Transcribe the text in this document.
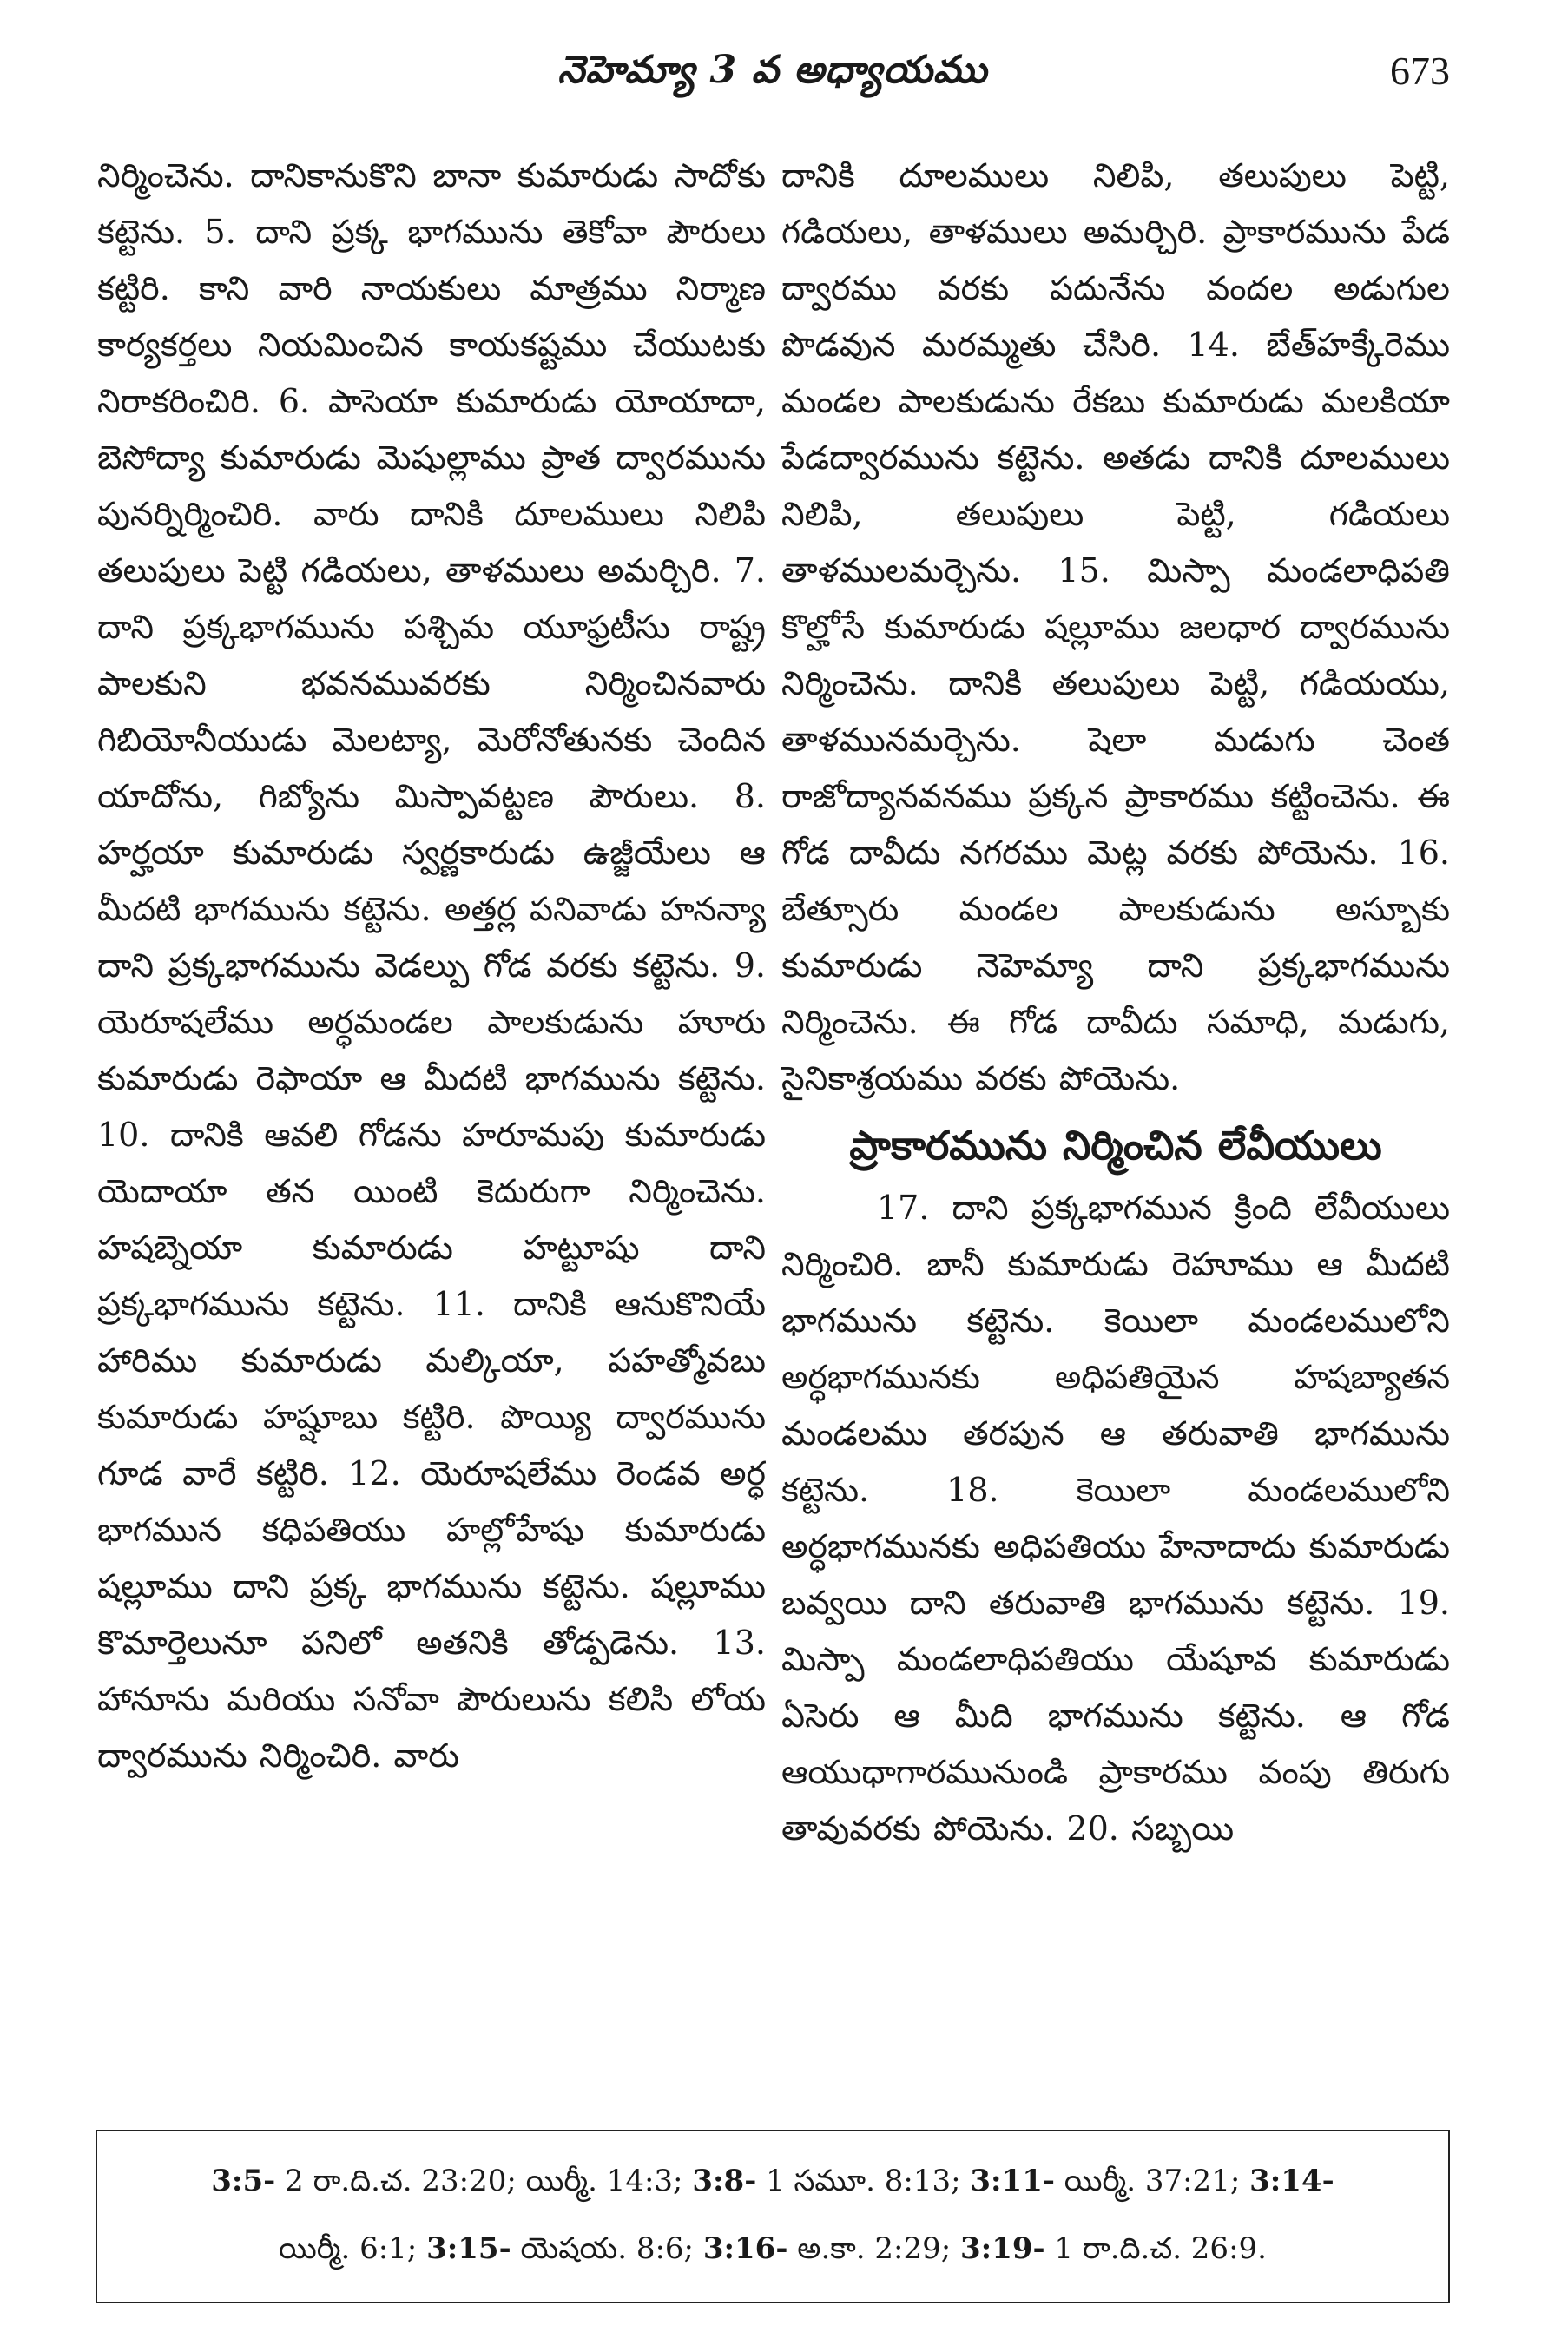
నెహెమ్యా 3 వ అధ్యాయము	673

నిర్మించెను. దానికానుకొని బానా కుమారుడు సాదోకు కట్టెను. 5. దాని ప్రక్క భాగమును తెకోవా పౌరులు కట్టిరి. కాని వారి నాయకులు మాత్రము నిర్మాణ కార్యకర్తలు నియమించిన కాయకష్టము చేయుటకు నిరాకరించిరి. 6. పాసెయా కుమారుడు యోయాదా, బెసోద్యా కుమారుడు మెషుల్లాము ప్రాత ద్వారమును పునర్నిర్మించిరి. వారు దానికి దూలములు నిలిపి తలుపులు పెట్టి గడియలు, తాళములు అమర్చిరి. 7. దాని ప్రక్కభాగమును పశ్చిమ యూఫ్రటీసు రాష్ట్ర పాలకుని భవనమువరకు నిర్మించినవారు గిబియోనీయుడు మెలట్యా, మెరోనోతునకు చెందిన యాదోను, గిబ్యోను మిస్పావట్టణ పౌరులు. 8. హర్హయా కుమారుడు స్వర్ణకారుడు ఉజ్జీయేలు ఆ మీదటి భాగమును కట్టెను. అత్తర్ల పనివాడు హనన్యా దాని ప్రక్కభాగమును వెడల్పు గోడ వరకు కట్టెను. 9. యెరూషలేము అర్ధమండల పాలకుడును హూరు కుమారుడు రెఫాయా ఆ మీదటి భాగమును కట్టెను. 10. దానికి ఆవలి గోడను హరూమపు కుమారుడు యెదాయా తన యింటి కెదురుగా నిర్మించెను. హషబ్నెయా కుమారుడు హట్టూషు దాని ప్రక్కభాగమును కట్టెను. 11. దానికి ఆనుకొనియే హారిము కుమారుడు మల్కియా, పహత్మోవబు కుమారుడు హష్షూబు కట్టిరి. పొయ్యి ద్వారమును గూడ వారే కట్టిరి. 12. యెరూషలేము రెండవ అర్ధ భాగమున కధిపతియు హల్లోహేషు కుమారుడు షల్లూము దాని ప్రక్క భాగమును కట్టెను. షల్లూము కొమార్తెలునూ పనిలో అతనికి తోడ్పడెను. 13. హానూను మరియు సనోవా పౌరులును కలిసి లోయ ద్వారమును నిర్మించిరి. వారు

దానికి దూలములు నిలిపి, తలుపులు పెట్టి, గడియలు, తాళములు అమర్చిరి. ప్రాకారమును పేడ ద్వారము వరకు పదునేను వందల అడుగుల పొడవున మరమ్మతు చేసిరి. 14. బేత్‌హక్కేరెము మండల పాలకుడును రేకబు కుమారుడు మలకియా పేడద్వారమును కట్టెను. అతడు దానికి దూలములు నిలిపి, తలుపులు పెట్టి, గడియలు తాళములమర్చెను. 15. మిస్పా మండలాధిపతి కొల్హోసే కుమారుడు షల్లూము జలధార ద్వారమును నిర్మించెను. దానికి తలుపులు పెట్టి, గడియయు, తాళమునమర్చెను. షెలా మడుగు చెంత రాజోద్యానవనము ప్రక్కన ప్రాకారము కట్టించెను. ఈ గోడ దావీదు నగరము మెట్ల వరకు పోయెను. 16. బేత్సూరు మండల పాలకుడును అస్బూకు కుమారుడు నెహెమ్యా దాని ప్రక్కభాగమును నిర్మించెను. ఈ గోడ దావీదు సమాధి, మడుగు, సైనికాశ్రయము వరకు పోయెను.

ప్రాకారమును నిర్మించిన లేవీయులు

17. దాని ప్రక్కభాగమున క్రింది లేవీయులు నిర్మించిరి. బానీ కుమారుడు రెహూము ఆ మీదటి భాగమును కట్టెను. కెయిలా మండలములోని అర్ధభాగమునకు అధిపతియైన హషబ్యాతన మండలము తరపున ఆ తరువాతి భాగమును కట్టెను. 18. కెయిలా మండలములోని అర్ధభాగమునకు అధిపతియు హేనాదాదు కుమారుడు బవ్వయి దాని తరువాతి భాగమును కట్టెను. 19. మిస్పా మండలాధిపతియు యేషూవ కుమారుడు ఏసెరు ఆ మీది భాగమును కట్టెను. ఆ గోడ ఆయుధాగారమునుండి ప్రాకారము వంపు తిరుగు తావువరకు పోయెను. 20. సబ్బయి

3:5- 2 రా.ది.చ. 23:20; యిర్మీ. 14:3; 3:8- 1 సమూ. 8:13; 3:11- యిర్మీ. 37:21; 3:14-
యిర్మీ. 6:1; 3:15- యెషయ. 8:6; 3:16- అ.కా. 2:29; 3:19- 1 రా.ది.చ. 26:9.
